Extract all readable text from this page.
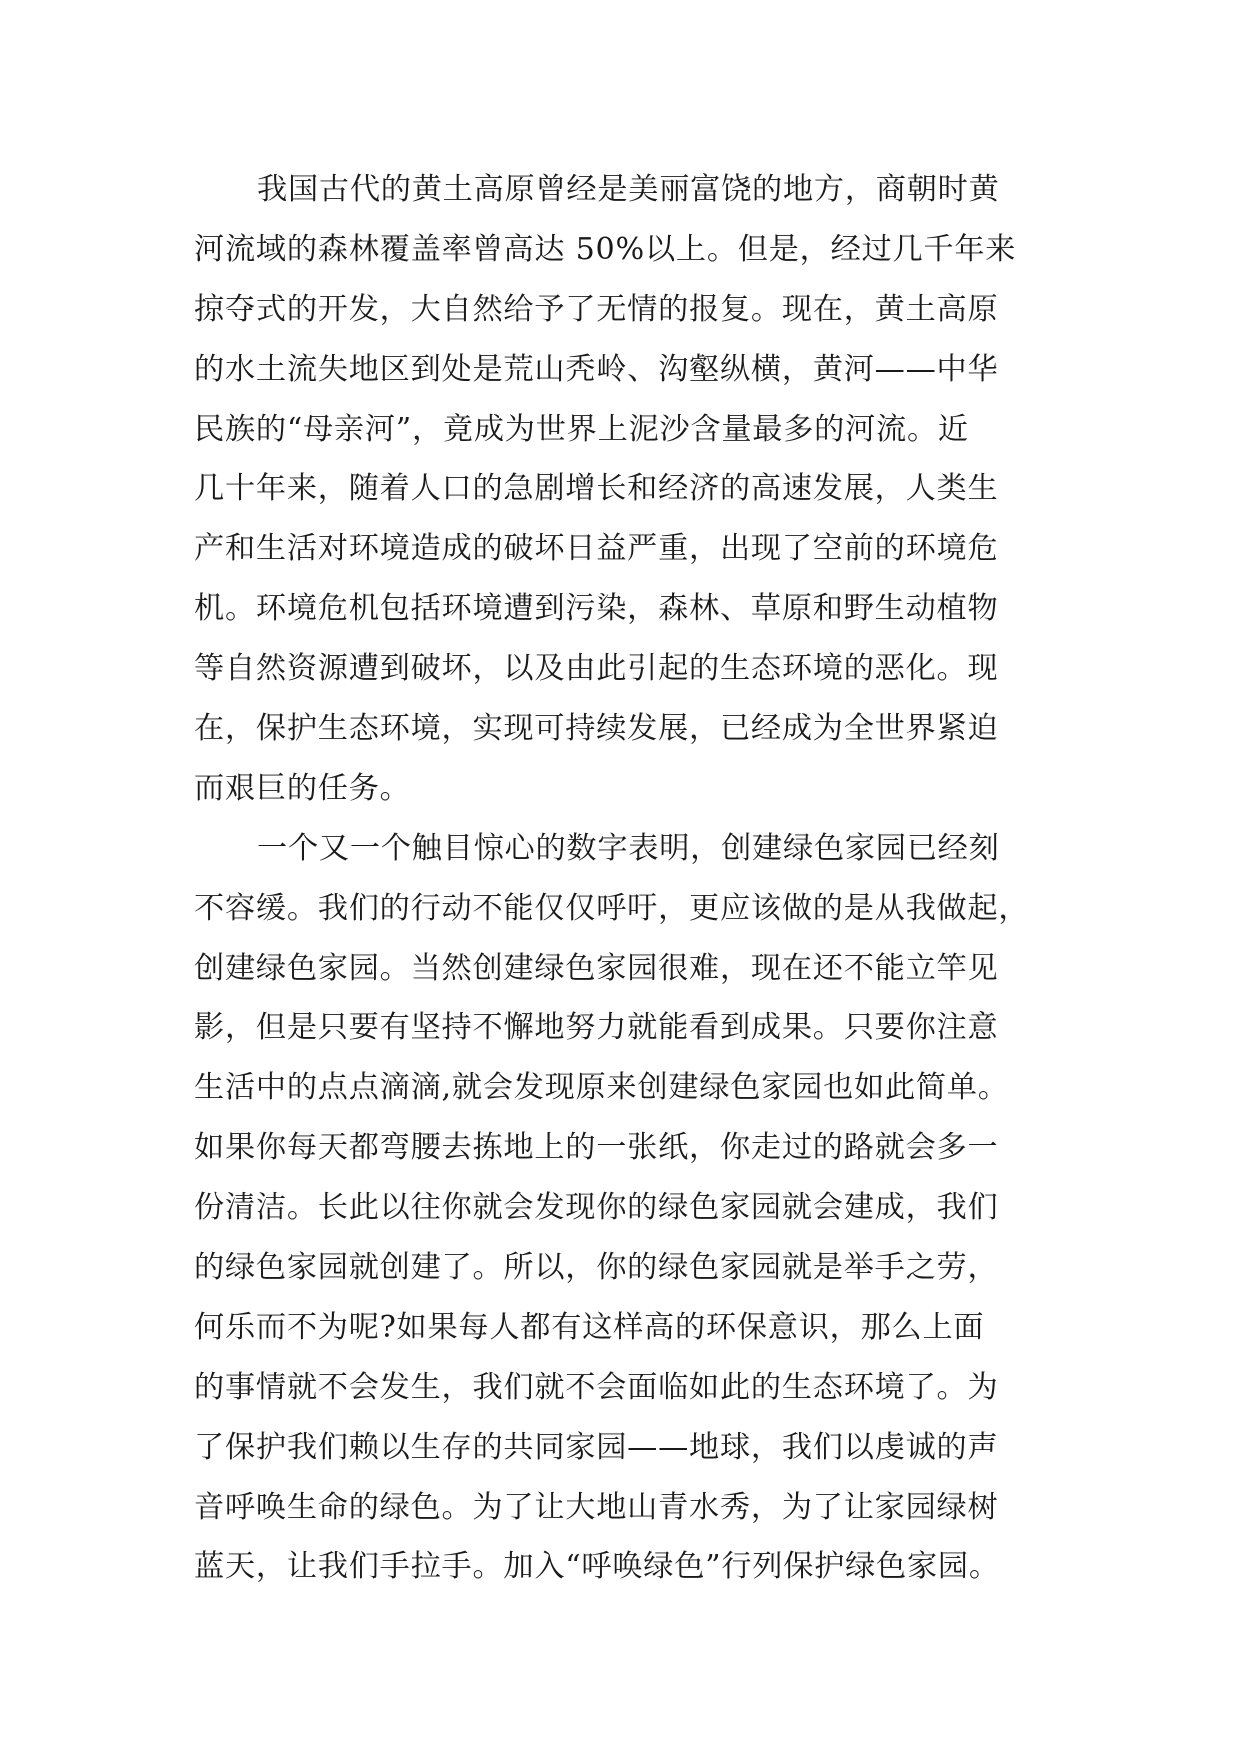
我国古代的黄土高原曾经是美丽富饶的地方，商朝时黄
河流域的森林覆盖率曾高达 50%以上。但是，经过几千年来
掠夺式的开发，大自然给予了无情的报复。现在，黄土高原
的水土流失地区到处是荒山秃岭、沟壑纵横，黄河——中华
民族的“母亲河”，竟成为世界上泥沙含量最多的河流。近
几十年来，随着人口的急剧增长和经济的高速发展，人类生
产和生活对环境造成的破坏日益严重，出现了空前的环境危
机。环境危机包括环境遭到污染，森林、草原和野生动植物
等自然资源遭到破坏，以及由此引起的生态环境的恶化。现
在，保护生态环境，实现可持续发展，已经成为全世界紧迫
而艰巨的任务。
一个又一个触目惊心的数字表明，创建绿色家园已经刻
不容缓。我们的行动不能仅仅呼吁，更应该做的是从我做起，
创建绿色家园。当然创建绿色家园很难，现在还不能立竿见
影，但是只要有坚持不懈地努力就能看到成果。只要你注意
生活中的点点滴滴,就会发现原来创建绿色家园也如此简单。
如果你每天都弯腰去拣地上的一张纸，你走过的路就会多一
份清洁。长此以往你就会发现你的绿色家园就会建成，我们
的绿色家园就创建了。所以，你的绿色家园就是举手之劳，
何乐而不为呢?如果每人都有这样高的环保意识，那么上面
的事情就不会发生，我们就不会面临如此的生态环境了。为
了保护我们赖以生存的共同家园——地球，我们以虔诚的声
音呼唤生命的绿色。为了让大地山青水秀，为了让家园绿树
蓝天，让我们手拉手。加入“呼唤绿色”行列保护绿色家园。
